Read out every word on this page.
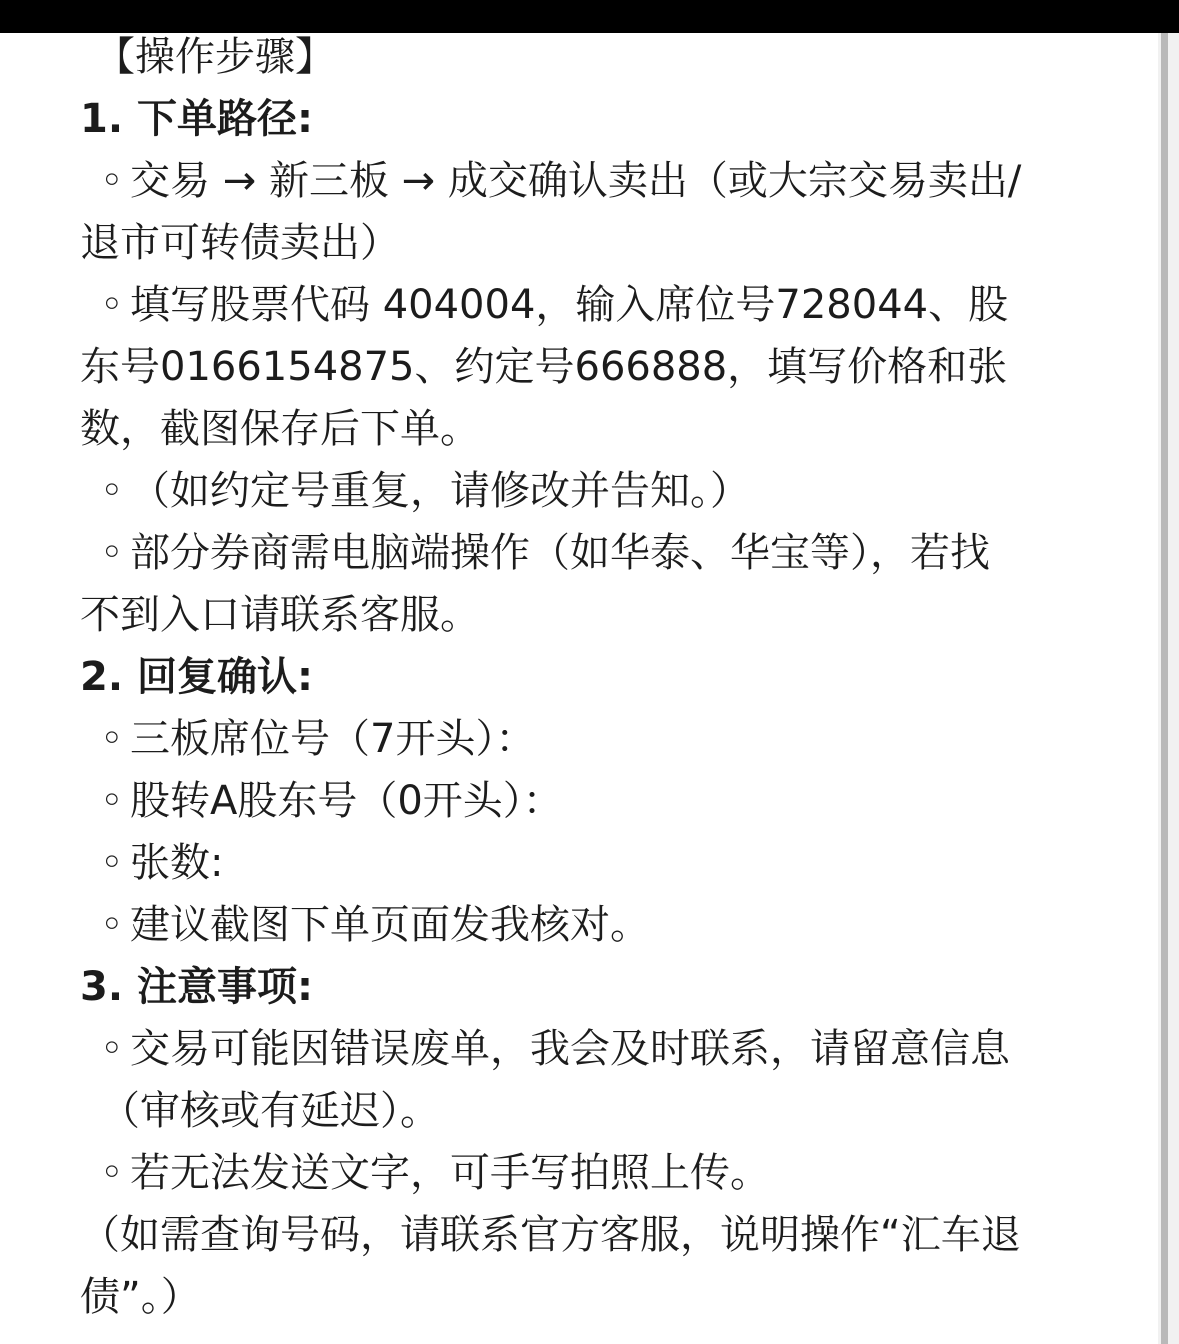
【操作步骤】
1. 下单路径:
◦ 交易 → 新三板 → 成交确认卖出（或大宗交易卖出/
退市可转债卖出）
◦ 填写股票代码 404004，输入席位号728044、股
东号0166154875、约定号666888，填写价格和张
数，截图保存后下单。
◦ （如约定号重复，请修改并告知。）
◦ 部分券商需电脑端操作（如华泰、华宝等），若找
不到入口请联系客服。
2. 回复确认:
◦ 三板席位号（7开头）：
◦ 股转A股东号（0开头）：
◦ 张数:
◦ 建议截图下单页面发我核对。
3. 注意事项:
◦ 交易可能因错误废单，我会及时联系，请留意信息
（审核或有延迟）。
◦ 若无法发送文字，可手写拍照上传。
（如需查询号码，请联系官方客服，说明操作“汇车退
债”。）
